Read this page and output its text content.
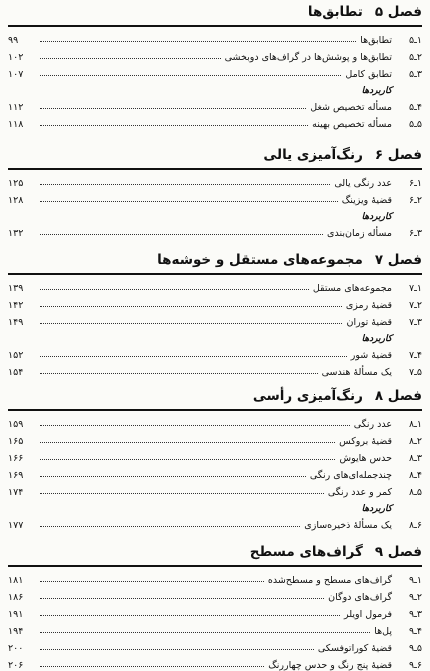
فصل ۵
تطابق‌ها
۱ـ۵
تطابق‌ها
۹۹
۲ـ۵
تطابق‌ها و پوشش‌ها در گراف‌های دوبخشی
۱۰۲
۳ـ۵
تطابق کامل
۱۰۷
کاربردها
۴ـ۵
مسأله تخصیص شغل
۱۱۲
۵ـ۵
مسأله تخصیص بهینه
۱۱۸
فصل ۶
رنگ‌آمیزی یالی
۱ـ۶
عدد رنگی یالی
۱۲۵
۲ـ۶
قضیهٔ ویزینگ
۱۲۸
کاربردها
۳ـ۶
مسأله زمان‌بندی
۱۳۲
فصل ۷
مجموعه‌های مستقل و خوشه‌ها
۱ـ۷
مجموعه‌های مستقل
۱۳۹
۲ـ۷
قضیهٔ رمزی
۱۴۲
۳ـ۷
قضیهٔ توران
۱۴۹
کاربردها
۴ـ۷
قضیهٔ شور
۱۵۲
۵ـ۷
یک مسألهٔ هندسی
۱۵۴
فصل ۸
رنگ‌آمیزی رأسی
۱ـ۸
عدد رنگی
۱۵۹
۲ـ۸
قضیهٔ بروکس
۱۶۵
۳ـ۸
حدس هایوش
۱۶۶
۴ـ۸
چندجمله‌ای‌های رنگی
۱۶۹
۵ـ۸
کمر و عدد رنگی
۱۷۴
کاربردها
۶ـ۸
یک مسألهٔ ذخیره‌سازی
۱۷۷
فصل ۹
گراف‌های مسطح
۱ـ۹
گراف‌های مسطح و مسطح‌شده
۱۸۱
۲ـ۹
گراف‌های دوگان
۱۸۶
۳ـ۹
فرمول اویلر
۱۹۱
۴ـ۹
پل‌ها
۱۹۴
۵ـ۹
قضیهٔ کوراتوفسکی
۲۰۰
۶ـ۹
قضیهٔ پنج رنگ و حدس چهاررنگ
۲۰۶
